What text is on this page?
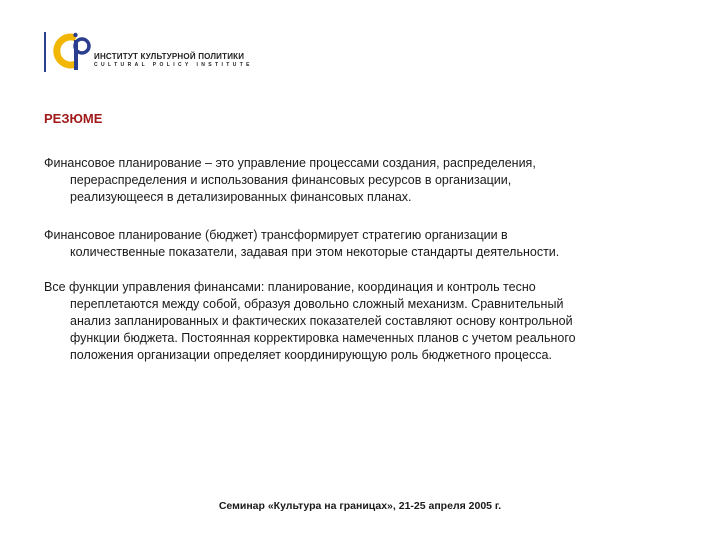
ИНСТИТУТ КУЛЬТУРНОЙ ПОЛИТИКИ
CULTURAL POLICY INSTITUTE
РЕЗЮМЕ

Финансовое планирование – это управление процессами создания, распределения,
перераспределения и использования финансовых ресурсов в организации,
реализующееся в детализированных финансовых планах.

Финансовое планирование (бюджет) трансформирует стратегию организации в
количественные показатели, задавая при этом некоторые стандарты деятельности.

Все функции управления финансами: планирование, координация и контроль тесно
переплетаются между собой, образуя довольно сложный механизм. Сравнительный
анализ запланированных и фактических показателей составляют основу контрольной
функции бюджета. Постоянная корректировка намеченных планов с учетом реального
положения организации определяет координирующую роль бюджетного процесса.

Семинар «Культура на границах», 21-25 апреля 2005 г.
